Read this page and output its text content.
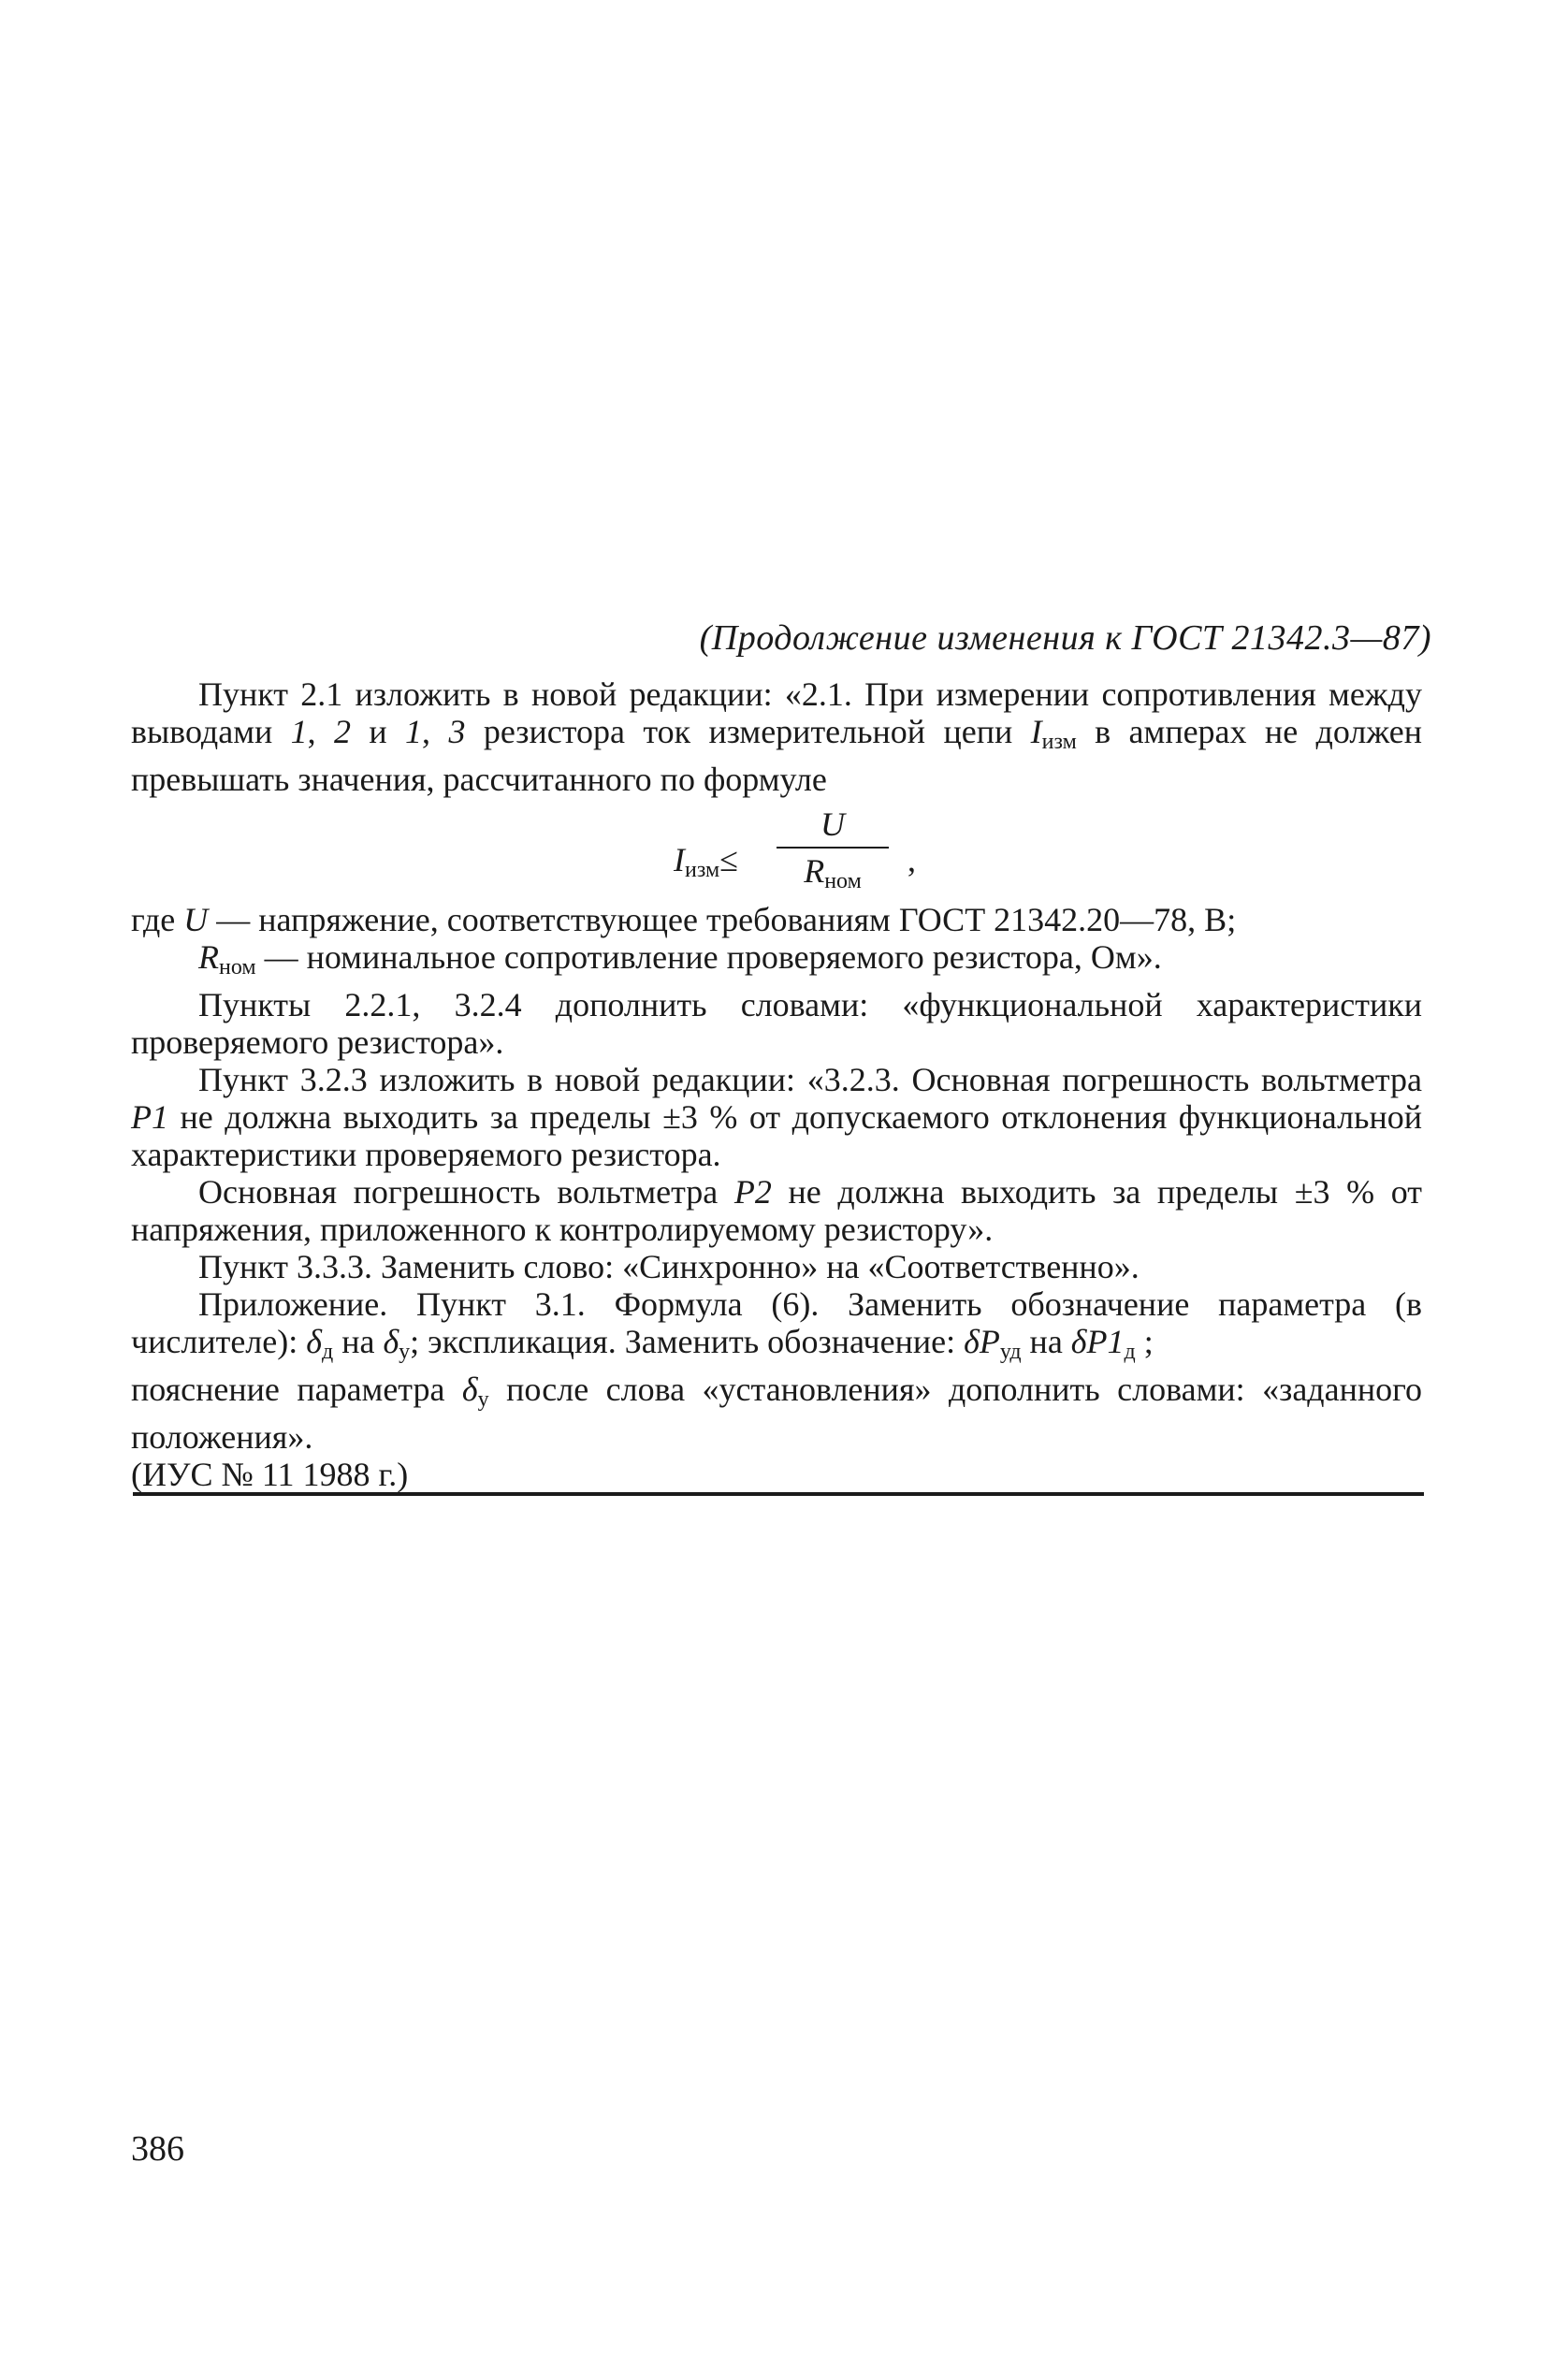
(Продолжение изменения к ГОСТ 21342.3—87)

Пункт 2.1 изложить в новой редакции: «2.1. При измерении сопротивления между выводами 1, 2 и 1, 3 резистора ток измерительной цепи $I_{изм}$ в амперах не должен превышать значения, рассчитанного по формуле

$I_{изм}\le$
U
$R_{ном}$
,

где U — напряжение, соответствующее требованиям ГОСТ 21342.20—78, В;

$R_{ном}$ — номинальное сопротивление проверяемого резистора, Ом».

Пункты 2.2.1, 3.2.4 дополнить словами: «функциональной характеристики проверяемого резистора».

Пункт 3.2.3 изложить в новой редакции: «3.2.3. Основная погрешность вольтметра P1 не должна выходить за пределы ±3 % от допускаемого отклонения функциональной характеристики проверяемого резистора.

Основная погрешность вольтметра P2 не должна выходить за пределы ±3 % от напряжения, приложенного к контролируемому резистору».

Пункт 3.3.3. Заменить слово: «Синхронно» на «Соответственно».

Приложение. Пункт 3.1. Формула (6). Заменить обозначение параметра (в числителе): $\delta_д$ на $\delta_у$; экспликация. Заменить обозначение: $\delta P_{уд}$ на $\delta P1_д$ ;

пояснение параметра $\delta_у$ после слова «установления» дополнить словами: «заданного положения».

(ИУС № 11 1988 г.)

386
